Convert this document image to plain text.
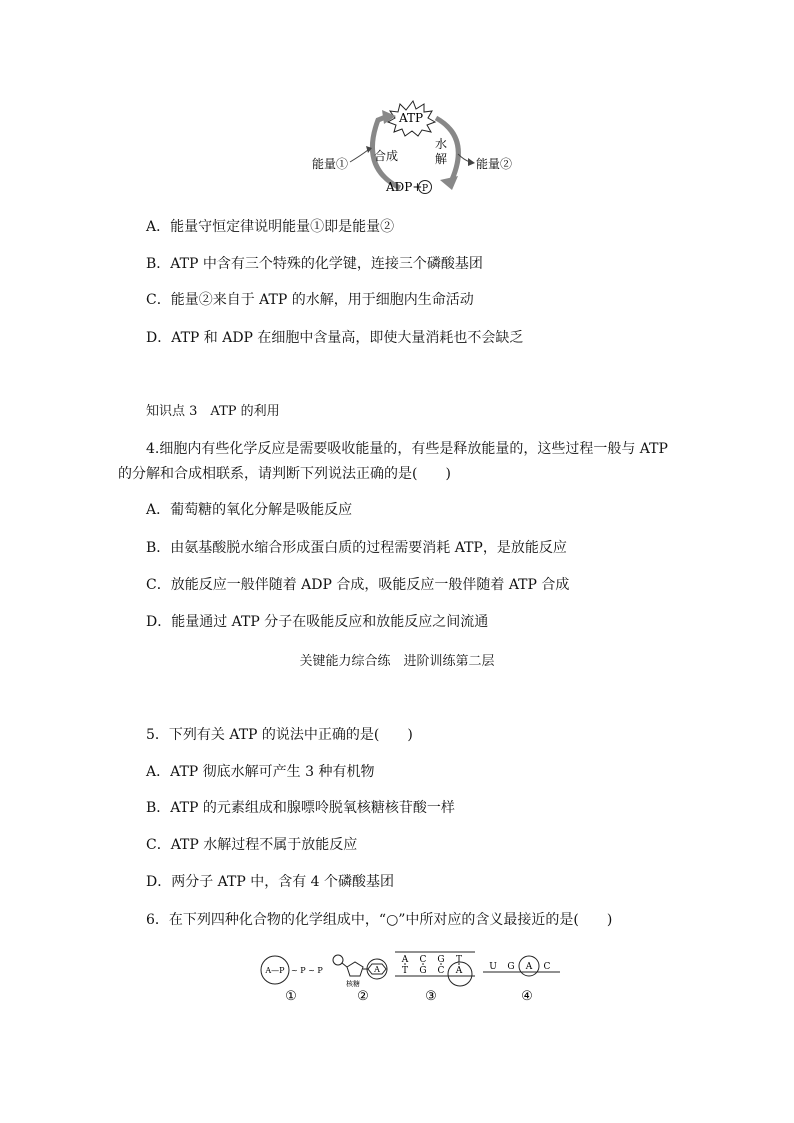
ATP
合成
水
解
能量①	能量②
ADP+ P
A．能量守恒定律说明能量①即是能量②
B．ATP 中含有三个特殊的化学键，连接三个磷酸基团
C．能量②来自于 ATP 的水解，用于细胞内生命活动
D．ATP 和 ADP 在细胞中含量高，即使大量消耗也不会缺乏
知识点 3　ATP 的利用
4.细胞内有些化学反应是需要吸收能量的，有些是释放能量的，这些过程一般与 ATP
的分解和合成相联系，请判断下列说法正确的是(　　)
A．葡萄糖的氧化分解是吸能反应
B．由氨基酸脱水缩合形成蛋白质的过程需要消耗 ATP，是放能反应
C．放能反应一般伴随着 ADP 合成，吸能反应一般伴随着 ATP 合成
D．能量通过 ATP 分子在吸能反应和放能反应之间流通
关键能力综合练　进阶训练第二层
5．下列有关 ATP 的说法中正确的是(　　)
A．ATP 彻底水解可产生 3 种有机物
B．ATP 的元素组成和腺嘌呤脱氧核糖核苷酸一样
C．ATP 水解过程不属于放能反应
D．两分子 ATP 中，含有 4 个磷酸基团
6．在下列四种化合物的化学组成中，“○”中所对应的含义最接近的是(　　)
A—P ~ P ~ P
①
A
核糖
②
A C G T
T G C A
③
U G A C
④
